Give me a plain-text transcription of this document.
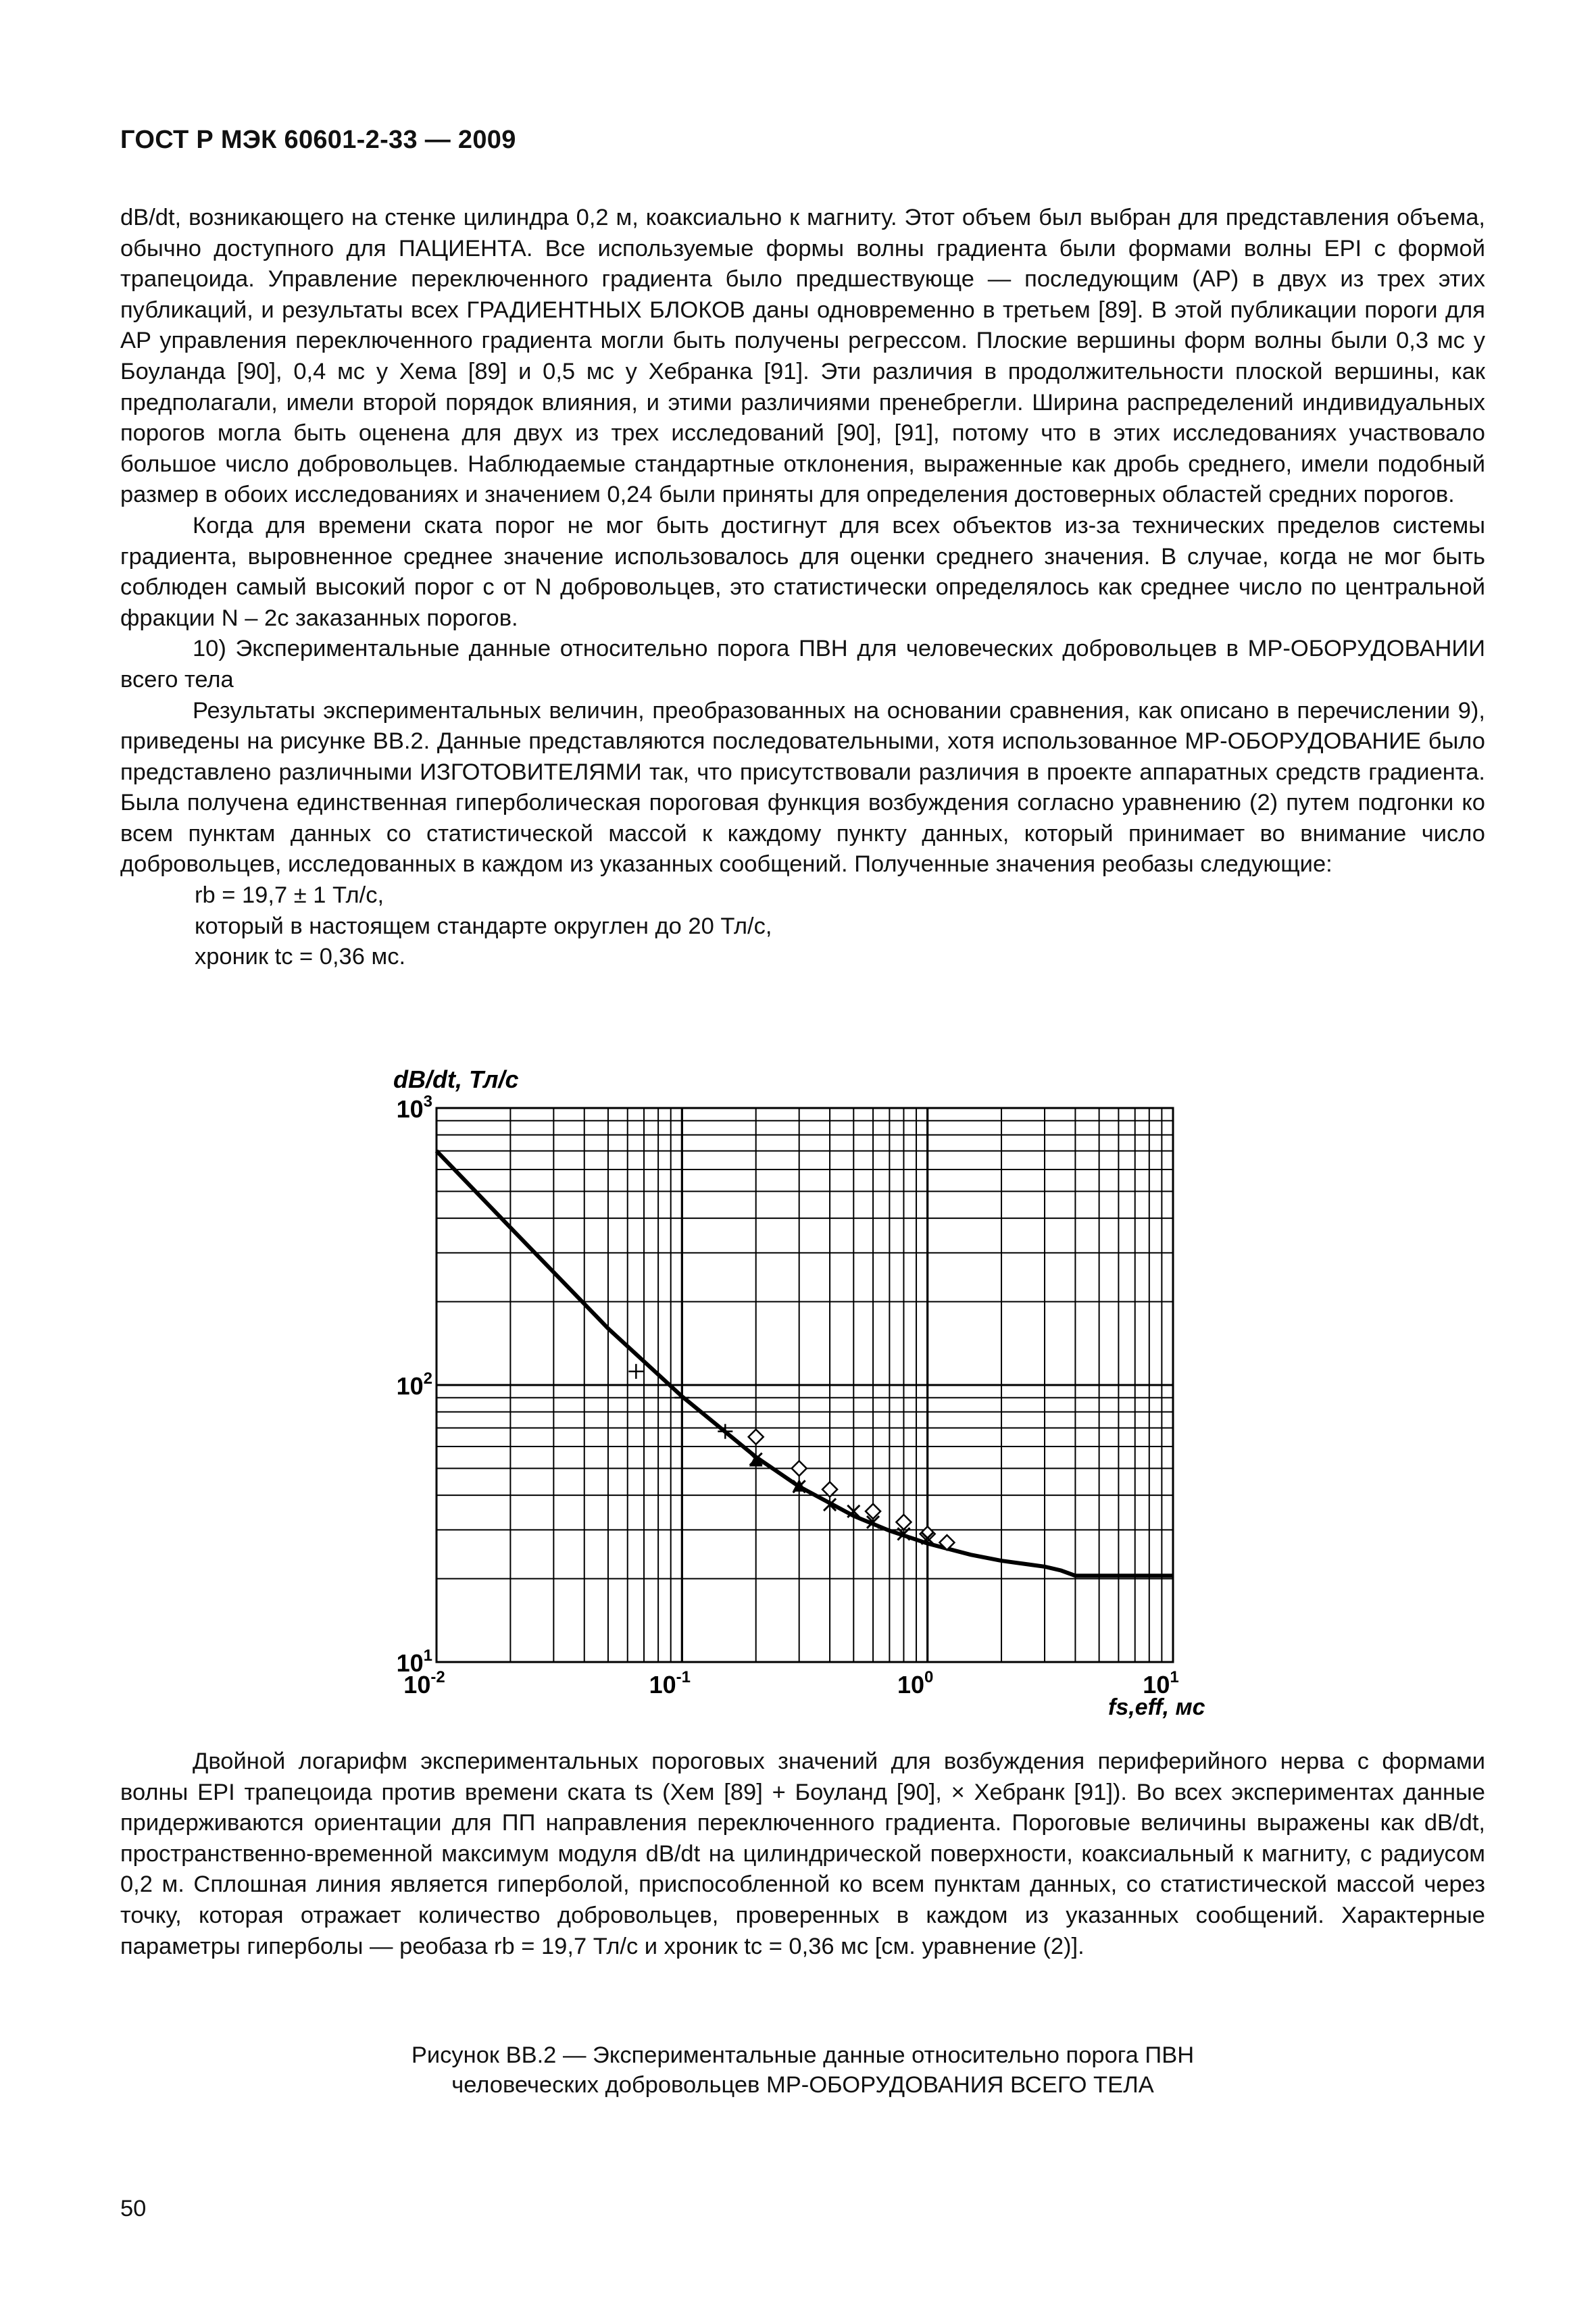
ГОСТ Р МЭК 60601-2-33 — 2009

dB/dt, возникающего на стенке цилиндра 0,2 м, коаксиально к магниту. Этот объем был выбран для представления объема, обычно доступного для ПАЦИЕНТА. Все используемые формы волны градиента были формами волны EPI с формой трапецоида. Управление переключенного градиента было предшествующе — последующим (AP) в двух из трех этих публикаций, и результаты всех ГРАДИЕНТНЫХ БЛОКОВ даны одновременно в третьем [89]. В этой публикации пороги для AP управления переключенного градиента могли быть получены регрессом. Плоские вершины форм волны были 0,3 мс у Боуланда [90], 0,4 мс у Хема [89] и 0,5 мс у Хебранка [91]. Эти различия в продолжительности плоской вершины, как предполагали, имели второй порядок влияния, и этими различиями пренебрегли. Ширина распределений индивидуальных порогов могла быть оценена для двух из трех исследований [90], [91], потому что в этих исследованиях участвовало большое число добровольцев. Наблюдаемые стандартные отклонения, выраженные как дробь среднего, имели подобный размер в обоих исследованиях и значением 0,24 были приняты для определения достоверных областей средних порогов.

Когда для времени ската порог не мог быть достигнут для всех объектов из-за технических пределов системы градиента, выровненное среднее значение использовалось для оценки среднего значения. В случае, когда не мог быть соблюден самый высокий порог c от N добровольцев, это статистически определялось как среднее число по центральной фракции N – 2c заказанных порогов.

10) Экспериментальные данные относительно порога ПВН для человеческих добровольцев в МР-ОБОРУДОВАНИИ всего тела

Результаты экспериментальных величин, преобразованных на основании сравнения, как описано в перечислении 9), приведены на рисунке ВВ.2. Данные представляются последовательными, хотя использованное МР-ОБОРУДОВАНИЕ было представлено различными ИЗГОТОВИТЕЛЯМИ так, что присутствовали различия в проекте аппаратных средств градиента. Была получена единственная гиперболическая пороговая функция возбуждения согласно уравнению (2) путем подгонки ко всем пунктам данных со статистической массой к каждому пункту данных, который принимает во внимание число добровольцев, исследованных в каждом из указанных сообщений. Полученные значения реобазы следующие:

rb = 19,7 ± 1 Тл/с,

который в настоящем стандарте округлен до 20 Тл/с,

хроник tc = 0,36 мс.

dB/dt, Тл/с
fs,eff, мс
$10^{-2}$	$10^{-1}$	$10^0$	$10^1$
$10^1$
$10^2$
$10^3$

Двойной логарифм экспериментальных пороговых значений для возбуждения периферийного нерва с формами волны EPI трапецоида против времени ската ts (Хем [89] + Боуланд [90], × Хебранк [91]). Во всех экспериментах данные придерживаются ориентации для ПП направления переключенного градиента. Пороговые величины выражены как dB/dt, пространственно-временной максимум модуля dB/dt на цилиндрической поверхности, коаксиальный к магниту, с радиусом 0,2 м. Сплошная линия является гиперболой, приспособленной ко всем пунктам данных, со статистической массой через точку, которая отражает количество добровольцев, проверенных в каждом из указанных сообщений. Характерные параметры гиперболы — реобаза rb = 19,7 Тл/с и хроник tc = 0,36 мс [см. уравнение (2)].

Рисунок ВВ.2 — Экспериментальные данные относительно порога ПВН
человеческих добровольцев МР-ОБОРУДОВАНИЯ ВСЕГО ТЕЛА
50
